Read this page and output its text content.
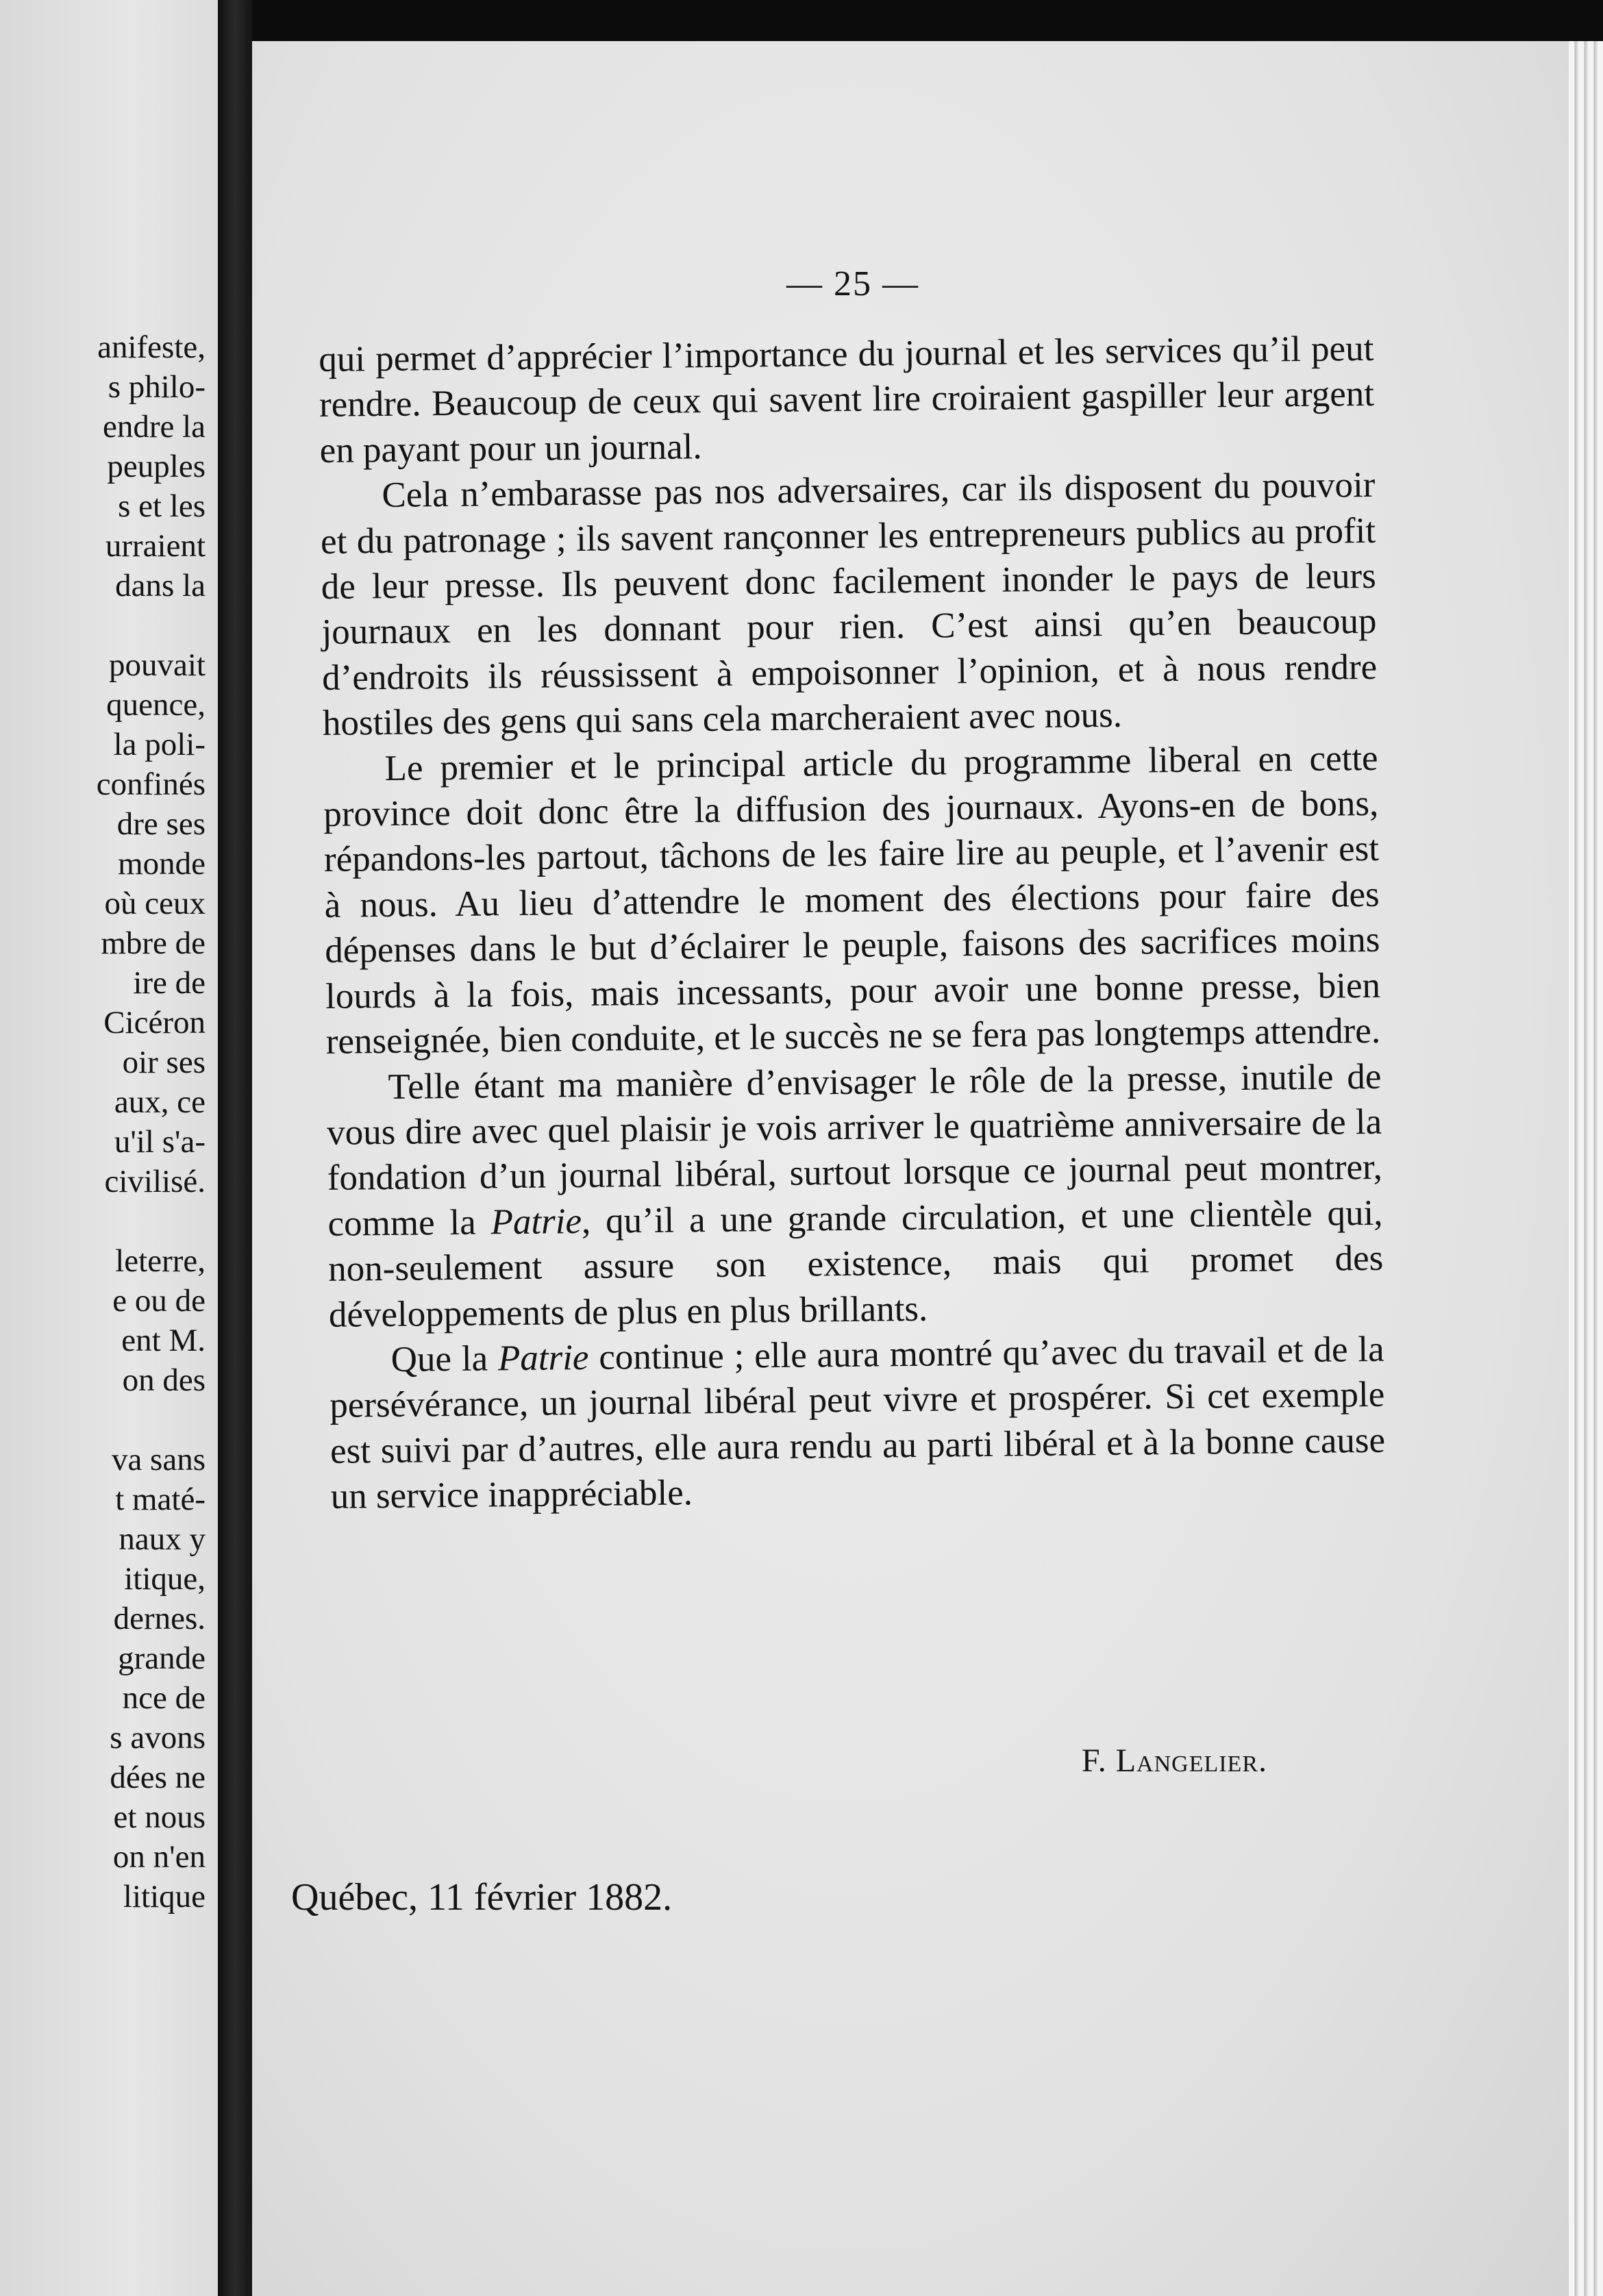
anifeste,
s philo-
endre la
peuples
s et les
urraient
dans la
pouvait
quence,
la poli-
confinés
dre ses
monde
où ceux
mbre de
ire de
Cicéron
oir ses
aux, ce
u'il s'a-
civilisé.
leterre,
e ou de
ent M.
on des
va sans
t maté-
naux y
itique,
dernes.
grande
nce de
s avons
dées ne
et nous
on n'en
litique
— 25 —

qui permet d’apprécier l’importance du journal et les services qu’il peut rendre. Beaucoup de ceux qui savent lire croiraient gaspiller leur argent en payant pour un journal.

Cela n’embarasse pas nos adversaires, car ils disposent du pouvoir et du patronage ; ils savent rançonner les entrepreneurs publics au profit de leur presse. Ils peuvent donc facilement inonder le pays de leurs journaux en les donnant pour rien. C’est ainsi qu’en beaucoup d’endroits ils réussissent à empoisonner l’opinion, et à nous rendre hostiles des gens qui sans cela marcheraient avec nous.

Le premier et le principal article du programme liberal en cette province doit donc être la diffusion des journaux. Ayons-en de bons, répandons-les partout, tâchons de les faire lire au peuple, et l’avenir est à nous. Au lieu d’attendre le moment des élections pour faire des dépenses dans le but d’éclairer le peuple, faisons des sacrifices moins lourds à la fois, mais incessants, pour avoir une bonne presse, bien renseignée, bien conduite, et le succès ne se fera pas longtemps attendre.

Telle étant ma manière d’envisager le rôle de la presse, inutile de vous dire avec quel plaisir je vois arriver le quatrième anniversaire de la fondation d’un journal libéral, surtout lorsque ce journal peut montrer, comme la Patrie, qu’il a une grande circulation, et une clientèle qui, non-seulement assure son existence, mais qui promet des développements de plus en plus brillants.

Que la Patrie continue ; elle aura montré qu’avec du travail et de la persévérance, un journal libéral peut vivre et prospérer. Si cet exemple est suivi par d’autres, elle aura rendu au parti libéral et à la bonne cause un service inappréciable.

F. Langelier.
Québec, 11 février 1882.
